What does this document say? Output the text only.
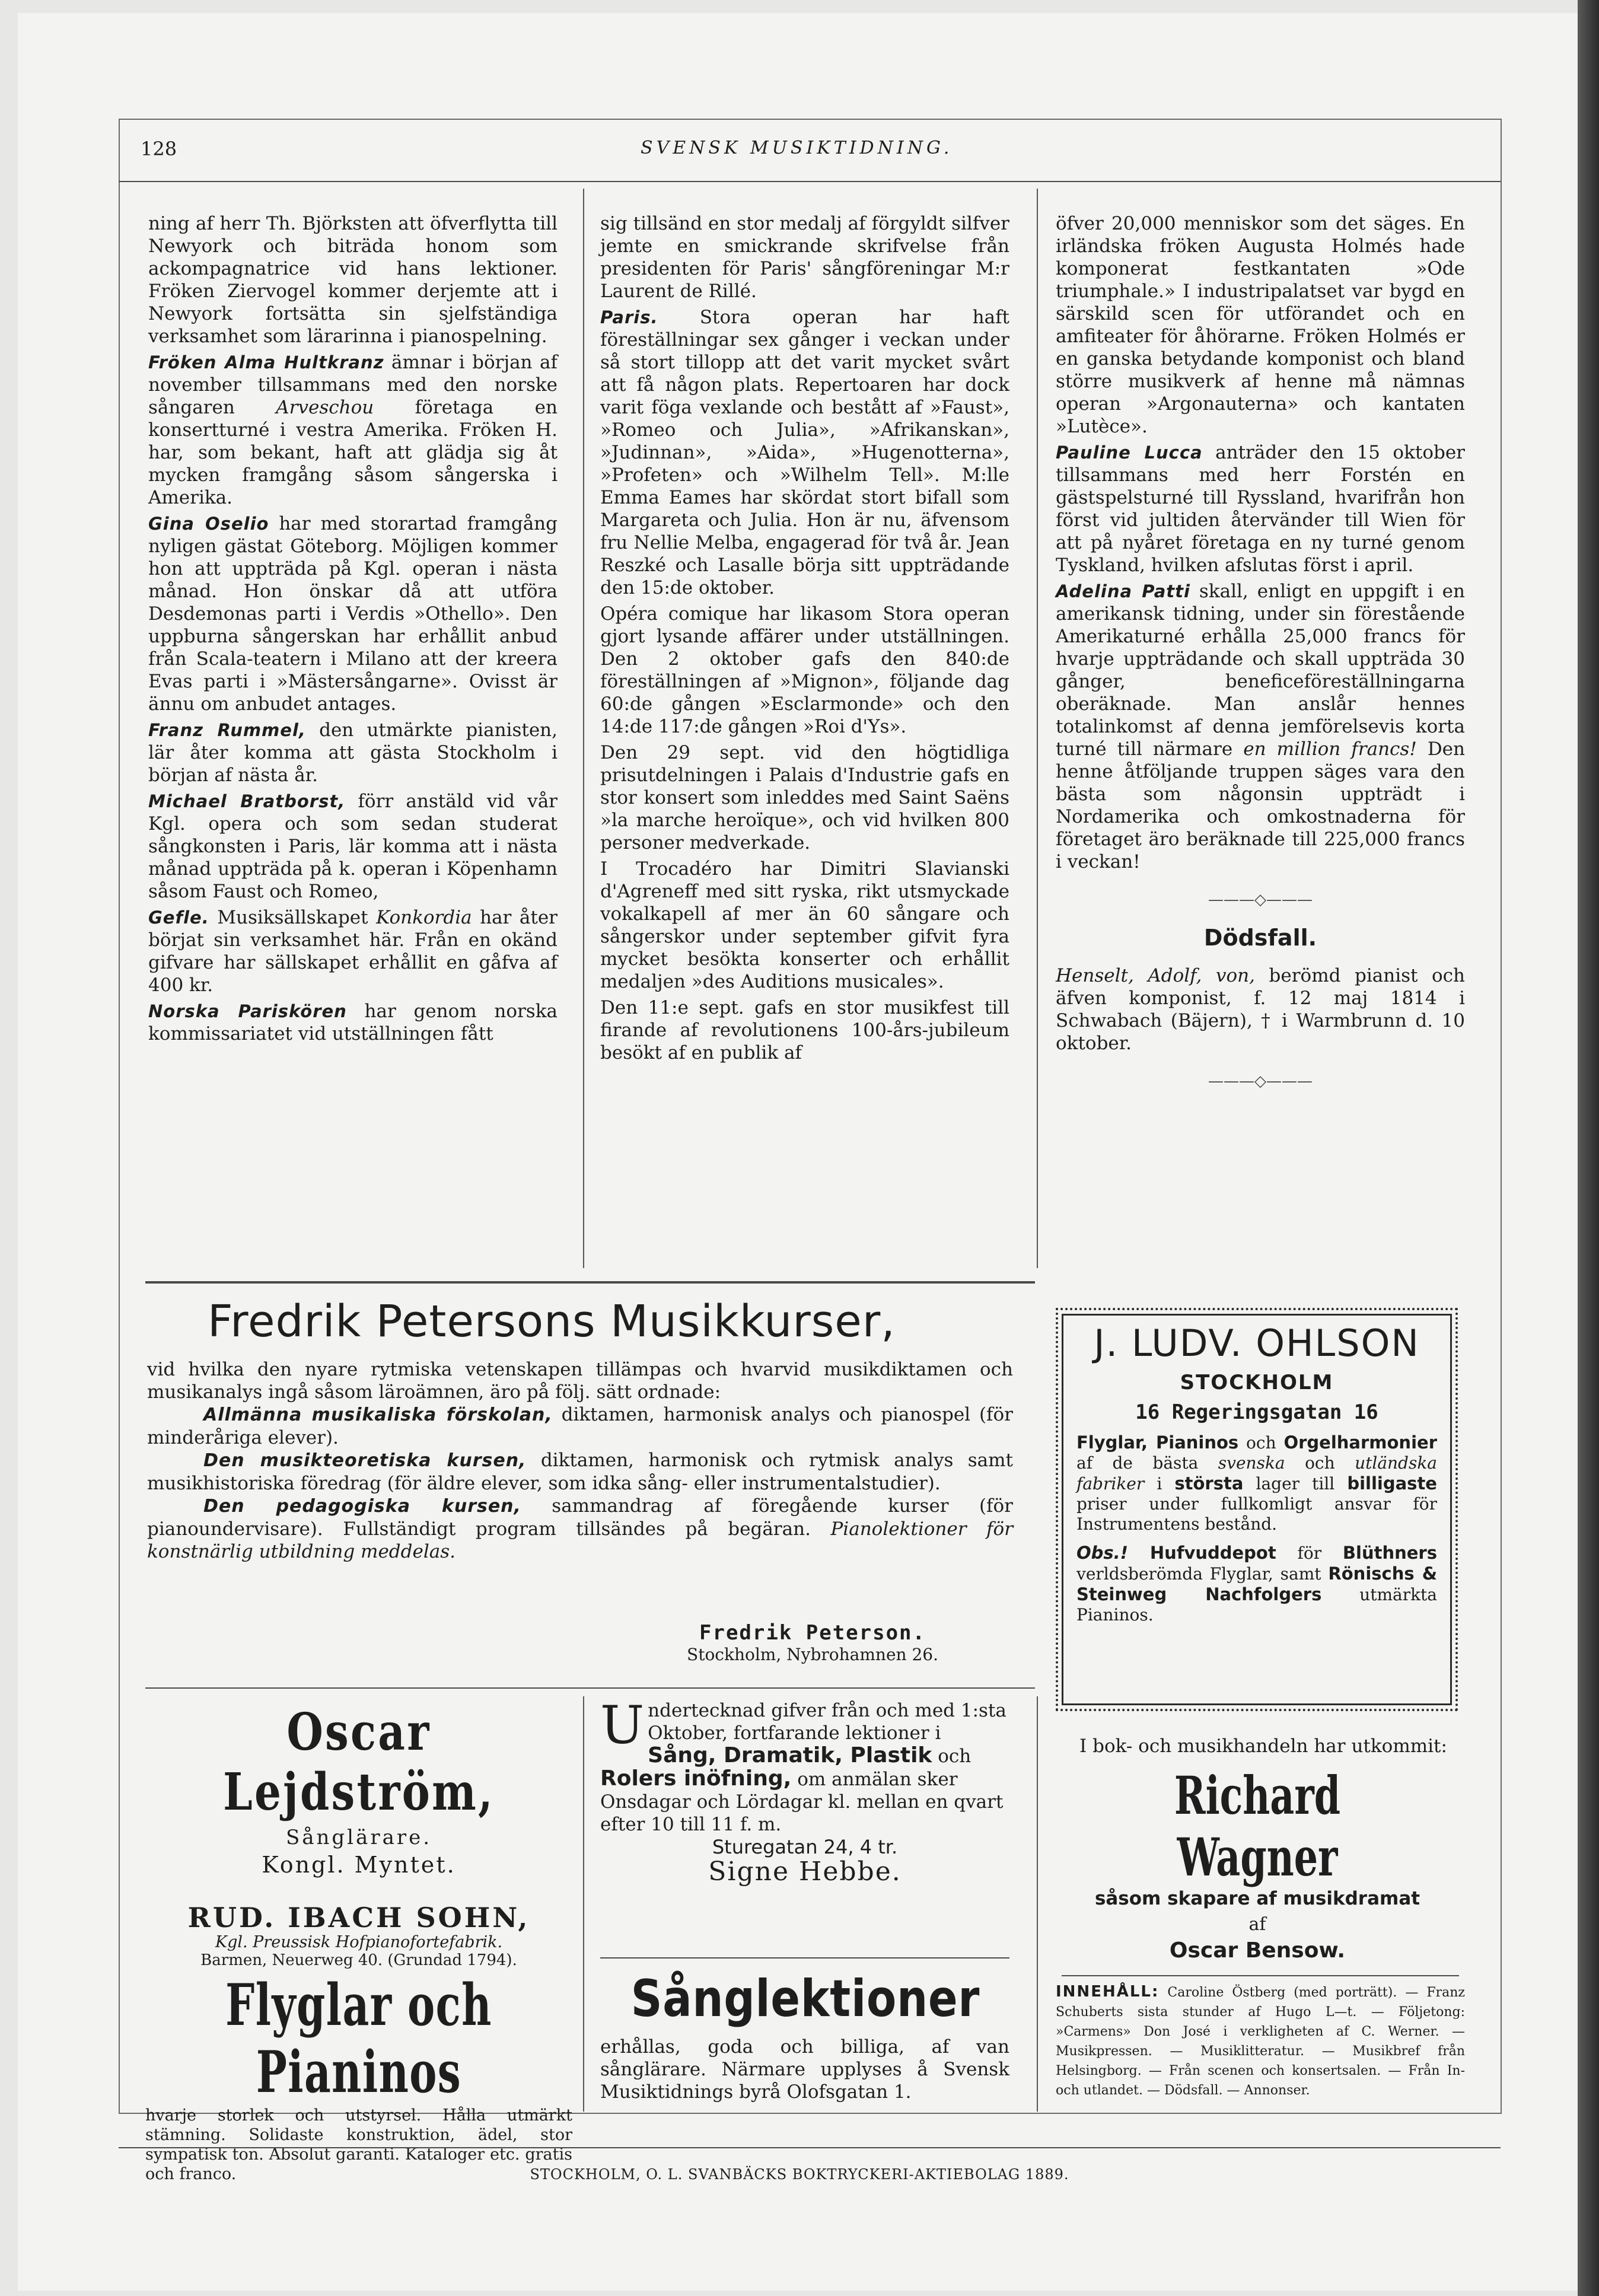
128	SVENSK MUSIKTIDNING.

ning af herr Th. Björksten att öfverflytta till Newyork och biträda honom som ackompagnatrice vid hans lektioner. Fröken Ziervogel kommer derjemte att i Newyork fortsätta sin sjelfständiga verksamhet som lärarinna i pianospelning.

Fröken Alma Hultkranz ämnar i början af november tillsammans med den norske sångaren Arveschou företaga en konsertturné i vestra Amerika. Fröken H. har, som bekant, haft att glädja sig åt mycken framgång såsom sångerska i Amerika.

Gina Oselio har med storartad framgång nyligen gästat Göteborg. Möjligen kommer hon att uppträda på Kgl. operan i nästa månad. Hon önskar då att utföra Desdemonas parti i Verdis »Othello». Den uppburna sångerskan har erhållit anbud från Scala-teatern i Milano att der kreera Evas parti i »Mästersångarne». Ovisst är ännu om anbudet antages.

Franz Rummel, den utmärkte pianisten, lär åter komma att gästa Stockholm i början af nästa år.

Michael Bratborst, förr anstäld vid vår Kgl. opera och som sedan studerat sångkonsten i Paris, lär komma att i nästa månad uppträda på k. operan i Köpenhamn såsom Faust och Romeo,

Gefle. Musiksällskapet Konkordia har åter börjat sin verksamhet här. Från en okänd gifvare har sällskapet erhållit en gåfva af 400 kr.

Norska Pariskören har genom norska kommissariatet vid utställningen fått

sig tillsänd en stor medalj af förgyldt silfver jemte en smickrande skrifvelse från presidenten för Paris' sångföreningar M:r Laurent de Rillé.

Paris. Stora operan har haft föreställningar sex gånger i veckan under så stort tillopp att det varit mycket svårt att få någon plats. Repertoaren har dock varit föga vexlande och bestått af »Faust», »Romeo och Julia», »Afrikanskan», »Judinnan», »Aida», »Hugenotterna», »Profeten» och »Wilhelm Tell». M:lle Emma Eames har skördat stort bifall som Margareta och Julia. Hon är nu, äfvensom fru Nellie Melba, engagerad för två år. Jean Reszké och Lasalle börja sitt uppträdande den 15:de oktober.

Opéra comique har likasom Stora operan gjort lysande affärer under utställningen. Den 2 oktober gafs den 840:de föreställningen af »Mignon», följande dag 60:de gången »Esclarmonde» och den 14:de 117:de gången »Roi d'Ys».

Den 29 sept. vid den högtidliga prisutdelningen i Palais d'Industrie gafs en stor konsert som inleddes med Saint Saëns »la marche heroïque», och vid hvilken 800 personer medverkade.

I Trocadéro har Dimitri Slavianski d'Agreneff med sitt ryska, rikt utsmyckade vokalkapell af mer än 60 sångare och sångerskor under september gifvit fyra mycket besökta konserter och erhållit medaljen »des Auditions musicales».

Den 11:e sept. gafs en stor musikfest till firande af revolutionens 100-års-jubileum besökt af en publik af

öfver 20,000 menniskor som det säges. En irländska fröken Augusta Holmés hade komponerat festkantaten »Ode triumphale.» I industripalatset var bygd en särskild scen för utförandet och en amfiteater för åhörarne. Fröken Holmés er en ganska betydande komponist och bland större musikverk af henne må nämnas operan »Argonauterna» och kantaten »Lutèce».

Pauline Lucca anträder den 15 oktober tillsammans med herr Forstén en gästspelsturné till Ryssland, hvarifrån hon först vid jultiden återvänder till Wien för att på nyåret företaga en ny turné genom Tyskland, hvilken afslutas först i april.

Adelina Patti skall, enligt en uppgift i en amerikansk tidning, under sin förestående Amerikaturné erhålla 25,000 francs för hvarje uppträdande och skall uppträda 30 gånger, beneficeföreställningarna oberäknade. Man anslår hennes totalinkomst af denna jemförelsevis korta turné till närmare en million francs! Den henne åtföljande truppen säges vara den bästa som någonsin uppträdt i Nordamerika och omkostnaderna för företaget äro beräknade till 225,000 francs i veckan!

———◇———

Dödsfall.

Henselt, Adolf, von, berömd pianist och äfven komponist, f. 12 maj 1814 i Schwabach (Bäjern), † i Warmbrunn d. 10 oktober.

———◇———

Fredrik Petersons Musikkurser,

vid hvilka den nyare rytmiska vetenskapen tillämpas och hvarvid musikdiktamen och musikanalys ingå såsom läroämnen, äro på följ. sätt ordnade:

Allmänna musikaliska förskolan, diktamen, harmonisk analys och pianospel (för minderåriga elever).

Den musikteoretiska kursen, diktamen, harmonisk och rytmisk analys samt musikhistoriska föredrag (för äldre elever, som idka sång- eller instrumentalstudier).

Den pedagogiska kursen, sammandrag af föregående kurser (för pianoundervisare). Fullständigt program tillsändes på begäran. Pianolektioner för konstnärlig utbildning meddelas.

Fredrik Peterson.
Stockholm, Nybrohamnen 26.
J. LUDV. OHLSON
STOCKHOLM
16 Regeringsgatan 16
Flyglar, Pianinos och Orgelharmonier af de bästa svenska och utländska fabriker i största lager till billigaste priser under fullkomligt ansvar för Instrumentens bestånd.
Obs.! Hufvuddepot för Blüthners verldsberömda Flyglar, samt Rönischs & Steinweg Nachfolgers utmärkta Pianinos.
Oscar Lejdström,
Sånglärare.
Kongl. Myntet.
RUD. IBACH SOHN,
Kgl. Preussisk Hofpianofortefabrik.
Barmen, Neuerweg 40. (Grundad 1794).
Flyglar och Pianinos
hvarje storlek och utstyrsel. Hålla utmärkt stämning. Solidaste konstruktion, ädel, stor sympatisk ton. Absolut garanti. Kataloger etc. gratis och franco.
Undertecknad gifver från och med 1:sta Oktober, fortfarande lektioner i Sång, Dramatik, Plastik och Rolers inöfning, om anmälan sker Onsdagar och Lördagar kl. mellan en qvart efter 10 till 11 f. m.
Sturegatan 24, 4 tr.
Signe Hebbe.
Sånglektioner
erhållas, goda och billiga, af van sånglärare. Närmare upplyses å Svensk Musiktidnings byrå Olofsgatan 1.
I bok- och musikhandeln har utkommit:
Richard Wagner
såsom skapare af musikdramat
af
Oscar Bensow.
INNEHÅLL: Caroline Östberg (med porträtt). — Franz Schuberts sista stunder af Hugo L—t. — Följetong: »Carmens» Don José i verkligheten af C. Werner. — Musikpressen. — Musiklitteratur. — Musikbref från Helsingborg. — Från scenen och konsertsalen. — Från In- och utlandet. — Dödsfall. — Annonser.
STOCKHOLM, O. L. SVANBÄCKS BOKTRYCKERI-AKTIEBOLAG 1889.
